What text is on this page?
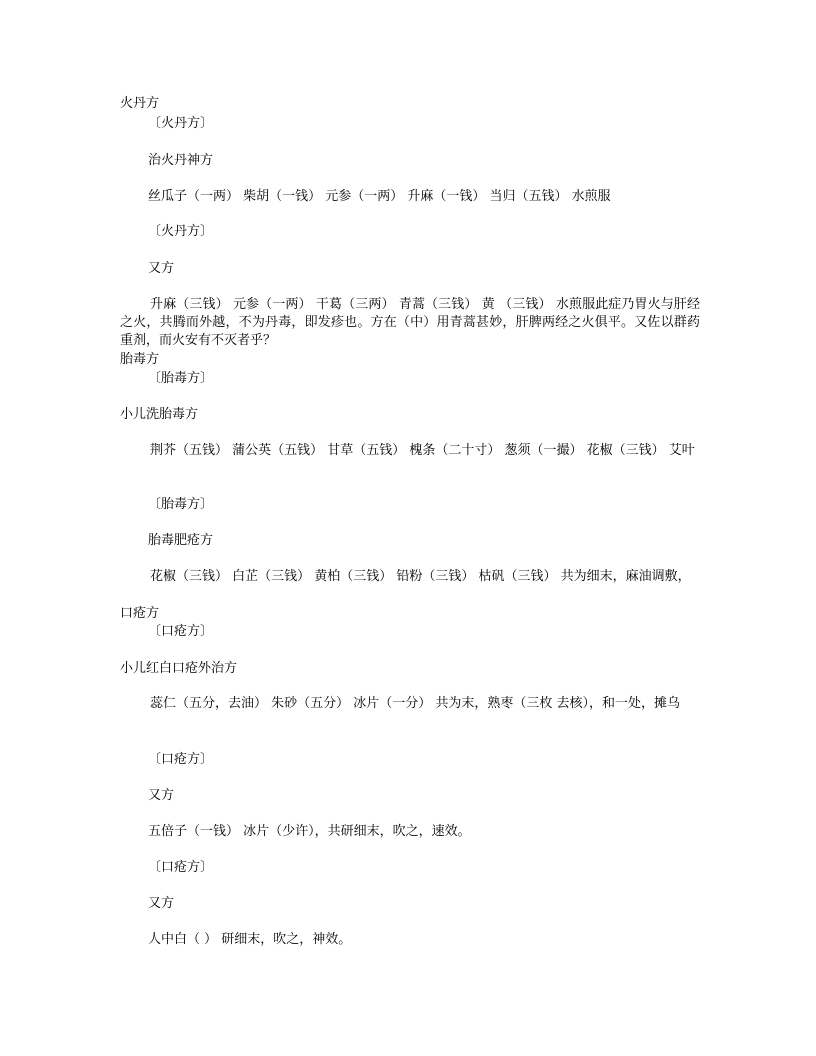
火丹方
〔火丹方〕
治火丹神方
丝瓜子（一两） 柴胡（一钱） 元参（一两） 升麻（一钱） 当归（五钱） 水煎服
〔火丹方〕
又方
升麻（三钱） 元参（一两） 干葛（三两） 青蒿（三钱） 黄 （三钱） 水煎服此症乃胃火与肝经之火，共腾而外越，不为丹毒，即发疹也。方在（中）用青蒿甚妙，肝脾两经之火俱平。又佐以群药重剂，而火安有不灭者乎？
胎毒方
〔胎毒方〕
小儿洗胎毒方
荆芥（五钱） 蒲公英（五钱） 甘草（五钱） 槐条（二十寸） 葱须（一撮） 花椒（三钱） 艾叶
〔胎毒方〕
胎毒肥疮方
花椒（三钱） 白芷（三钱） 黄柏（三钱） 铅粉（三钱） 枯矾（三钱） 共为细末，麻油调敷，
口疮方
〔口疮方〕
小儿红白口疮外治方
蕊仁（五分，去油） 朱砂（五分） 冰片（一分） 共为末，熟枣（三枚 去核），和一处，摊乌
〔口疮方〕
又方
五倍子（一钱） 冰片（少许），共研细末，吹之，速效。
〔口疮方〕
又方
人中白（ ） 研细末，吹之，神效。
